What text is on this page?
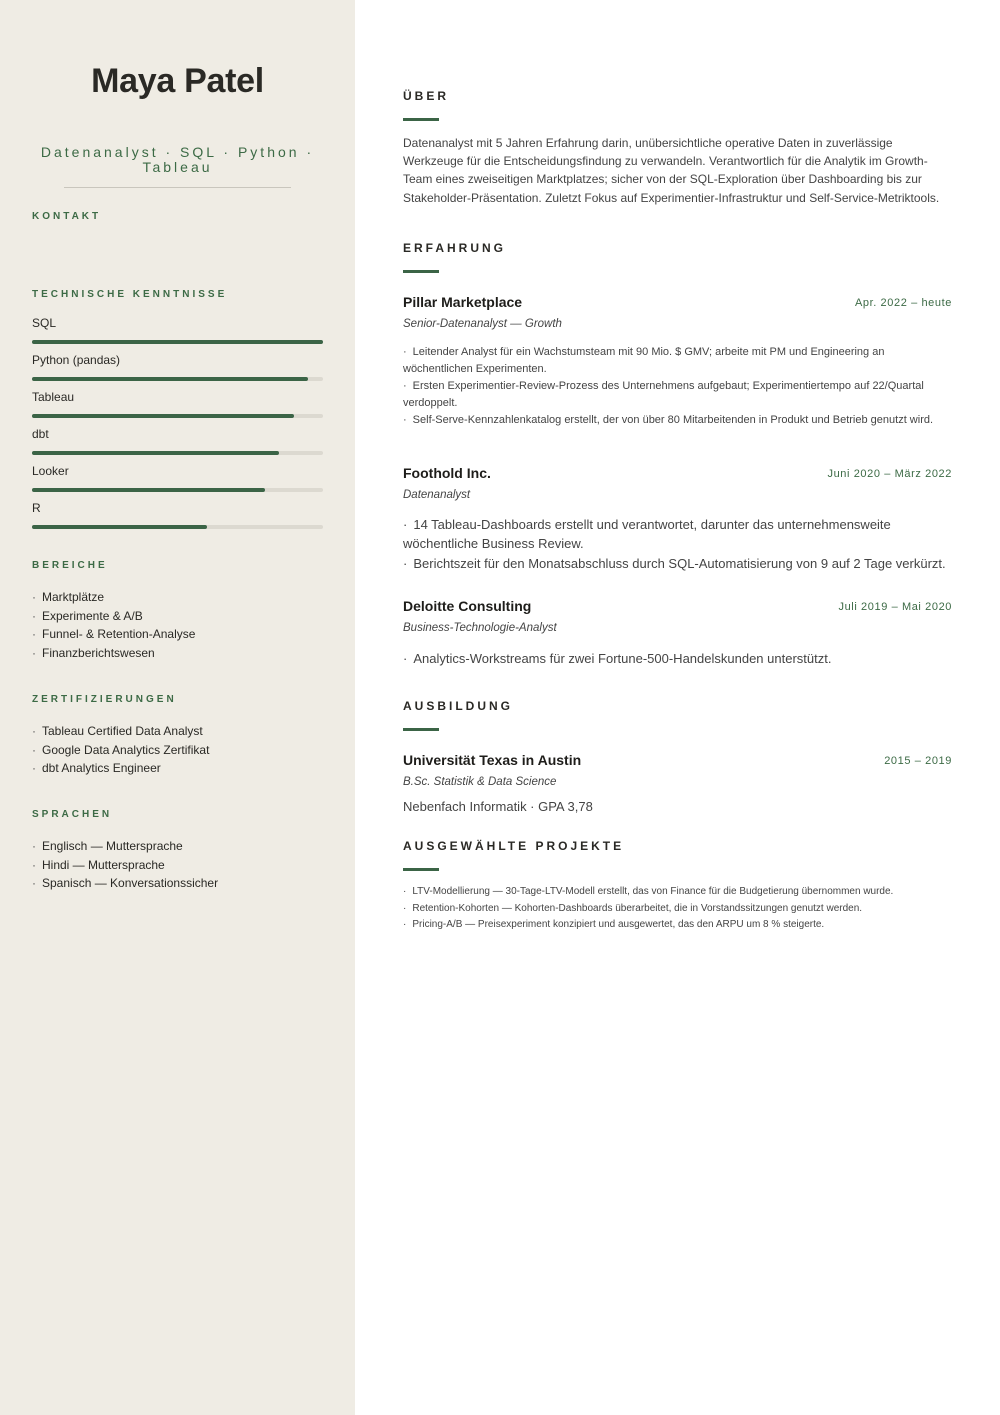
Maya Patel
Datenanalyst · SQL · Python · Tableau
KONTAKT
TECHNISCHE KENNTNISSE
SQL
Python (pandas)
Tableau
dbt
Looker
R
BEREICHE
· Marktplätze
· Experimente & A/B
· Funnel- & Retention-Analyse
· Finanzberichtswesen
ZERTIFIZIERUNGEN
· Tableau Certified Data Analyst
· Google Data Analytics Zertifikat
· dbt Analytics Engineer
SPRACHEN
· Englisch — Muttersprache
· Hindi — Muttersprache
· Spanisch — Konversationssicher
ÜBER

Datenanalyst mit 5 Jahren Erfahrung darin, unübersichtliche operative Daten in zuverlässige Werkzeuge für die Entscheidungsfindung zu verwandeln. Verantwortlich für die Analytik im Growth-Team eines zweiseitigen Marktplatzes; sicher von der SQL-Exploration über Dashboarding bis zur Stakeholder-Präsentation. Zuletzt Fokus auf Experimentier-Infrastruktur und Self-Service-Metriktools.

ERFAHRUNG
Pillar Marketplace	Apr. 2022 – heute
Senior-Datenanalyst — Growth
· Leitender Analyst für ein Wachstumsteam mit 90 Mio. $ GMV; arbeite mit PM und Engineering an wöchentlichen Experimenten.
· Ersten Experimentier-Review-Prozess des Unternehmens aufgebaut; Experimentiertempo auf 22/Quartal verdoppelt.
· Self-Serve-Kennzahlenkatalog erstellt, der von über 80 Mitarbeitenden in Produkt und Betrieb genutzt wird.
Foothold Inc.	Juni 2020 – März 2022
Datenanalyst
· 14 Tableau-Dashboards erstellt und verantwortet, darunter das unternehmensweite wöchentliche Business Review.
· Berichtszeit für den Monatsabschluss durch SQL-Automatisierung von 9 auf 2 Tage verkürzt.
Deloitte Consulting	Juli 2019 – Mai 2020
Business-Technologie-Analyst
· Analytics-Workstreams für zwei Fortune-500-Handelskunden unterstützt.
AUSBILDUNG
Universität Texas in Austin	2015 – 2019
B.Sc. Statistik & Data Science
Nebenfach Informatik · GPA 3,78
AUSGEWÄHLTE PROJEKTE
· LTV-Modellierung — 30-Tage-LTV-Modell erstellt, das von Finance für die Budgetierung übernommen wurde.
· Retention-Kohorten — Kohorten-Dashboards überarbeitet, die in Vorstandssitzungen genutzt werden.
· Pricing-A/B — Preisexperiment konzipiert und ausgewertet, das den ARPU um 8 % steigerte.
